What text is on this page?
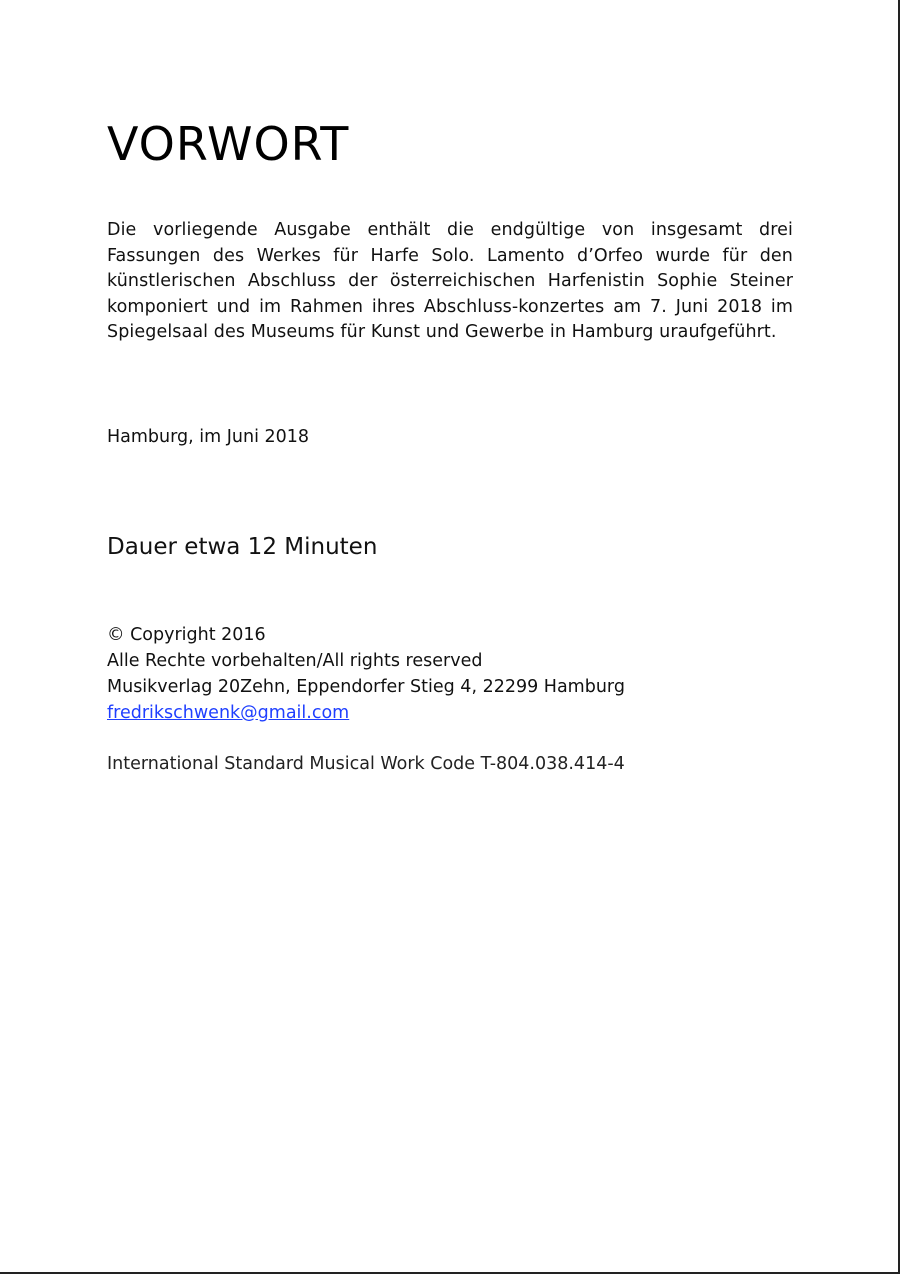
VORWORT

Die vorliegende Ausgabe enthält die endgültige von insgesamt drei Fassungen des Werkes für Harfe Solo. Lamento d’Orfeo wurde für den künstlerischen Abschluss der österreichischen Harfenistin Sophie Steiner komponiert und im Rahmen ihres Abschluss-konzertes am 7. Juni 2018 im Spiegelsaal des Museums für Kunst und Gewerbe in Hamburg uraufgeführt.

Hamburg, im Juni 2018

Dauer etwa 12 Minuten

© Copyright 2016
Alle Rechte vorbehalten/All rights reserved
Musikverlag 20Zehn, Eppendorfer Stieg 4, 22299 Hamburg
fredrikschwenk@gmail.com

International Standard Musical Work Code T-804.038.414-4
